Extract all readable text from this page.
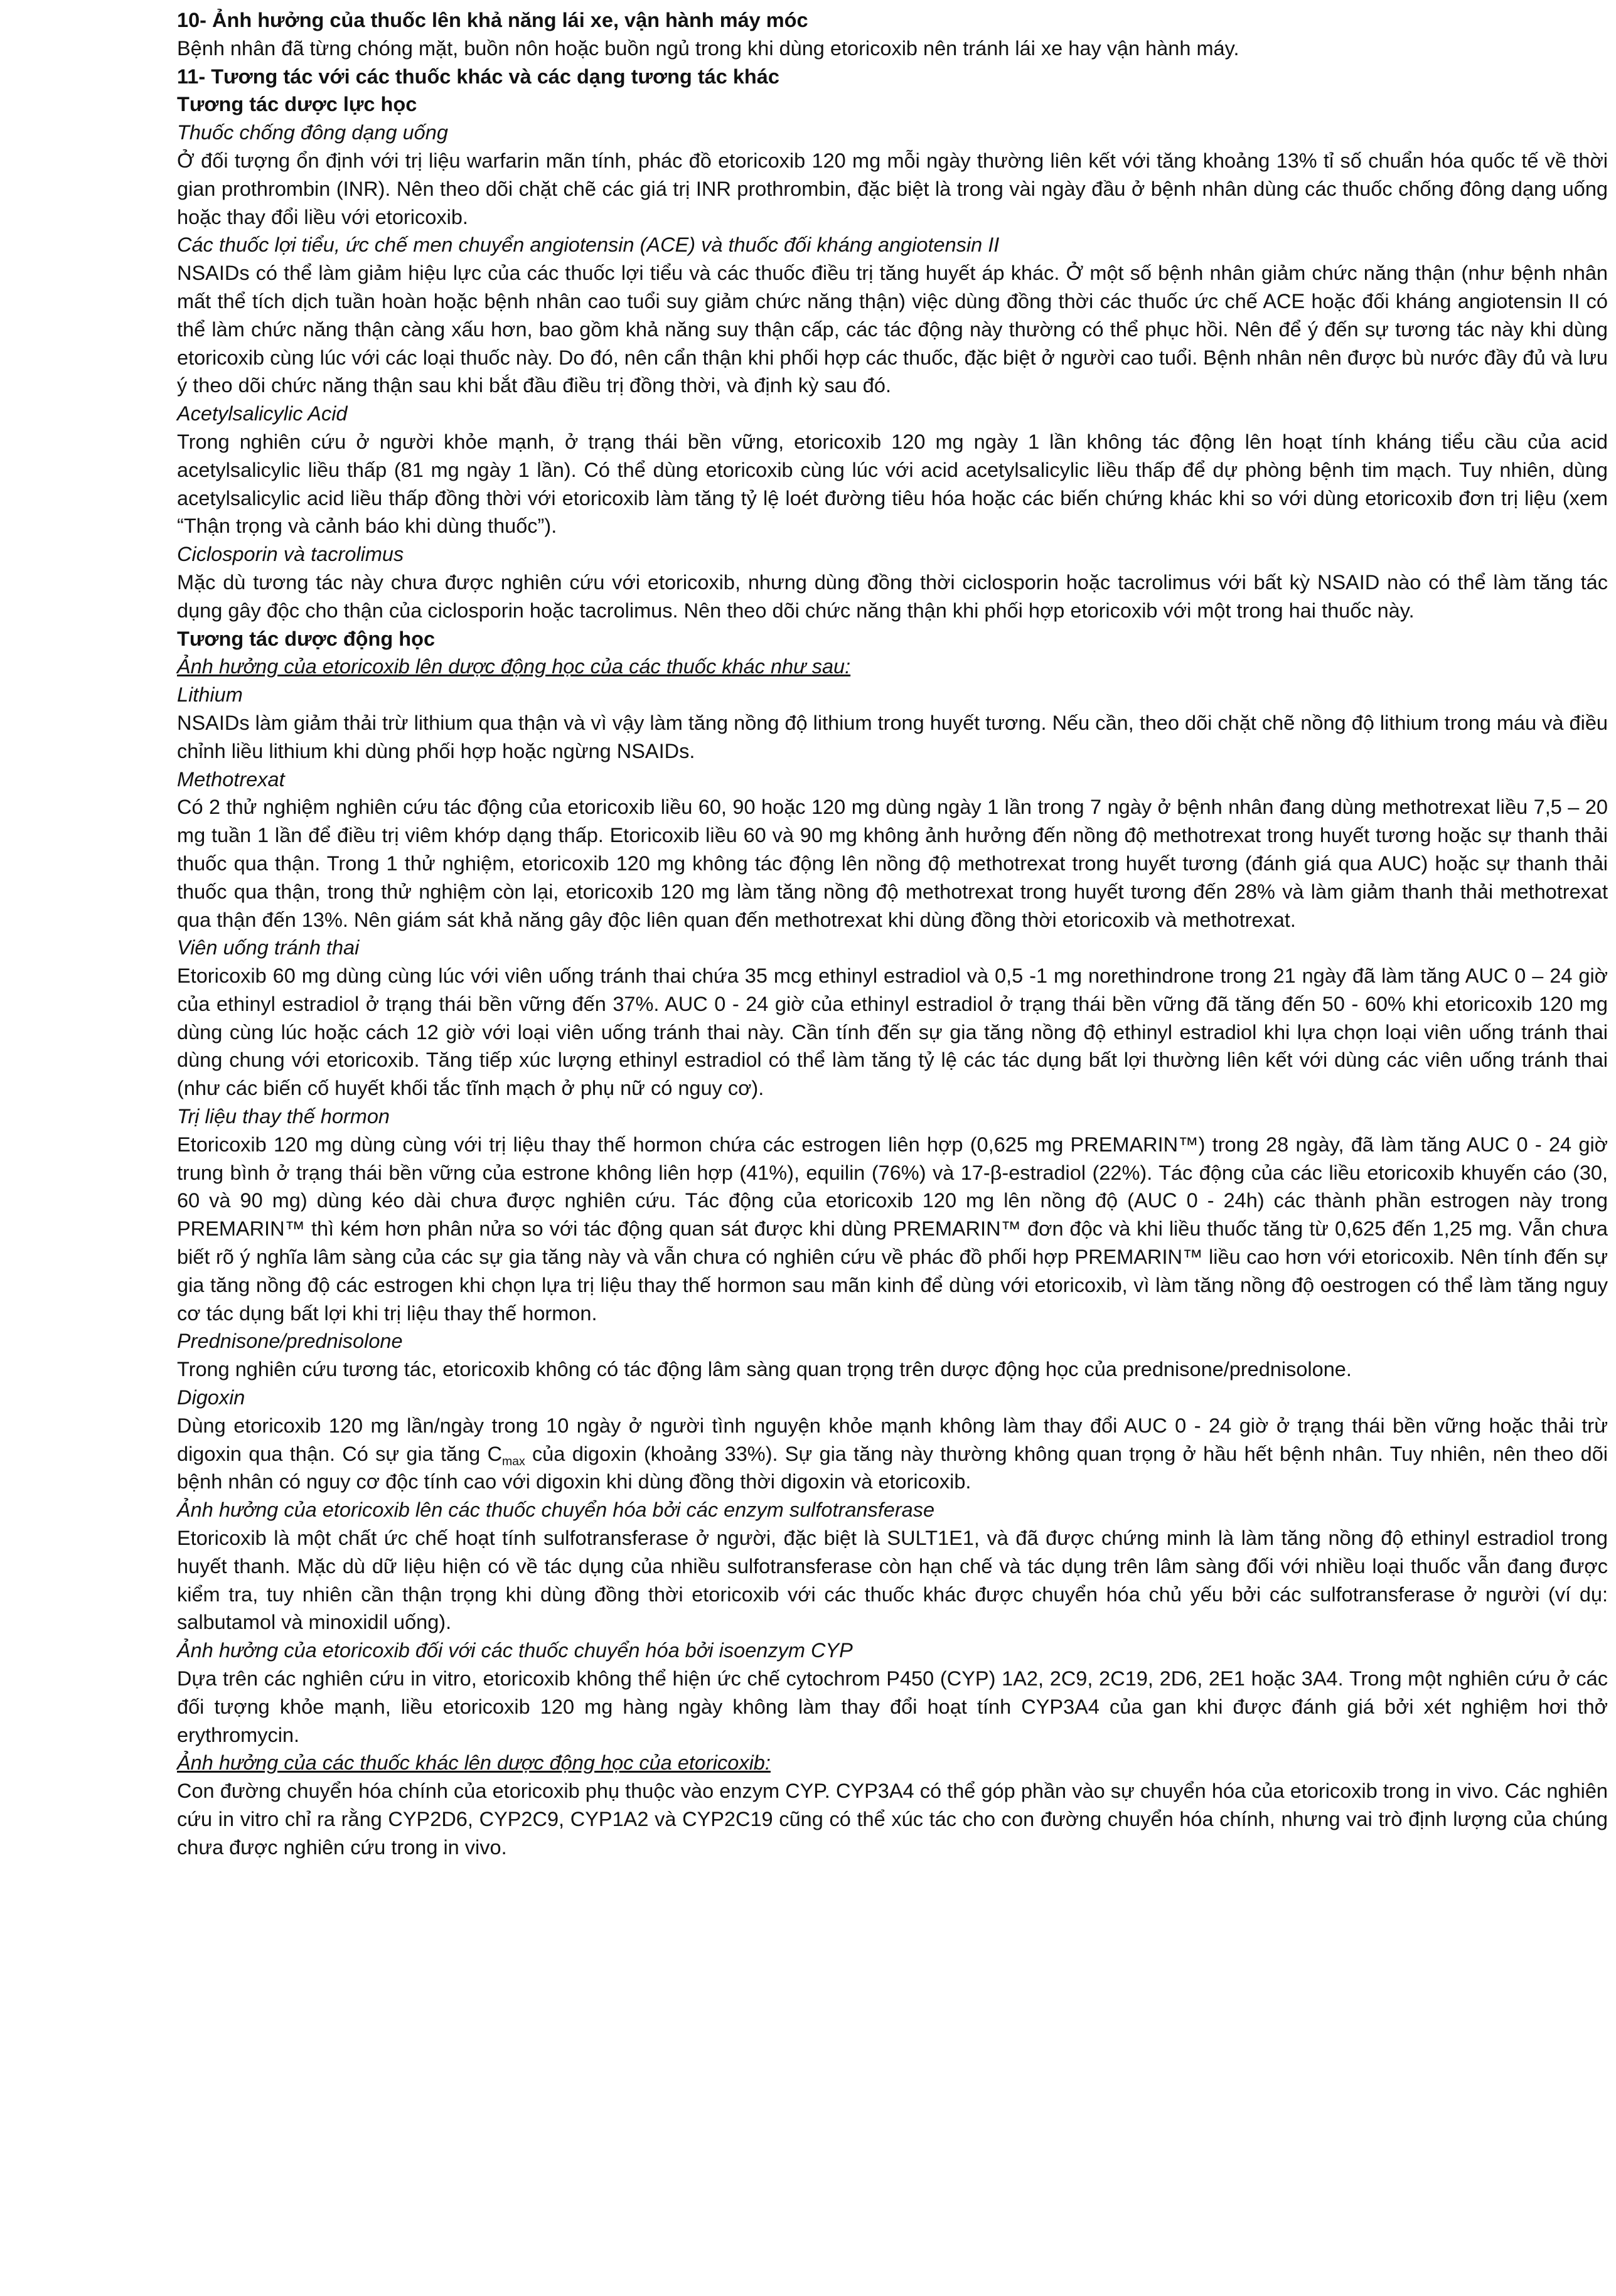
10- Ảnh hưởng của thuốc lên khả năng lái xe, vận hành máy móc

Bệnh nhân đã từng chóng mặt, buồn nôn hoặc buồn ngủ trong khi dùng etoricoxib nên tránh lái xe hay vận hành máy.

11- Tương tác với các thuốc khác và các dạng tương tác khác

Tương tác dược lực học

Thuốc chống đông dạng uống

Ở đối tượng ổn định với trị liệu warfarin mãn tính, phác đồ etoricoxib 120 mg mỗi ngày thường liên kết với tăng khoảng 13% tỉ số chuẩn hóa quốc tế về thời gian prothrombin (INR). Nên theo dõi chặt chẽ các giá trị INR prothrombin, đặc biệt là trong vài ngày đầu ở bệnh nhân dùng các thuốc chống đông dạng uống hoặc thay đổi liều với etoricoxib.

Các thuốc lợi tiểu, ức chế men chuyển angiotensin (ACE) và thuốc đối kháng angiotensin II

NSAIDs có thể làm giảm hiệu lực của các thuốc lợi tiểu và các thuốc điều trị tăng huyết áp khác. Ở một số bệnh nhân giảm chức năng thận (như bệnh nhân mất thể tích dịch tuần hoàn hoặc bệnh nhân cao tuổi suy giảm chức năng thận) việc dùng đồng thời các thuốc ức chế ACE hoặc đối kháng angiotensin II có thể làm chức năng thận càng xấu hơn, bao gồm khả năng suy thận cấp, các tác động này thường có thể phục hồi. Nên để ý đến sự tương tác này khi dùng etoricoxib cùng lúc với các loại thuốc này. Do đó, nên cẩn thận khi phối hợp các thuốc, đặc biệt ở người cao tuổi. Bệnh nhân nên được bù nước đầy đủ và lưu ý theo dõi chức năng thận sau khi bắt đầu điều trị đồng thời, và định kỳ sau đó.

Acetylsalicylic Acid

Trong nghiên cứu ở người khỏe mạnh, ở trạng thái bền vững, etoricoxib 120 mg ngày 1 lần không tác động lên hoạt tính kháng tiểu cầu của acid acetylsalicylic liều thấp (81 mg ngày 1 lần). Có thể dùng etoricoxib cùng lúc với acid acetylsalicylic liều thấp để dự phòng bệnh tim mạch. Tuy nhiên, dùng acetylsalicylic acid liều thấp đồng thời với etoricoxib làm tăng tỷ lệ loét đường tiêu hóa hoặc các biến chứng khác khi so với dùng etoricoxib đơn trị liệu (xem “Thận trọng và cảnh báo khi dùng thuốc”).

Ciclosporin và tacrolimus

Mặc dù tương tác này chưa được nghiên cứu với etoricoxib, nhưng dùng đồng thời ciclosporin hoặc tacrolimus với bất kỳ NSAID nào có thể làm tăng tác dụng gây độc cho thận của ciclosporin hoặc tacrolimus. Nên theo dõi chức năng thận khi phối hợp etoricoxib với một trong hai thuốc này.

Tương tác dược động học

Ảnh hưởng của etoricoxib lên dược động học của các thuốc khác như sau:

Lithium

NSAIDs làm giảm thải trừ lithium qua thận và vì vậy làm tăng nồng độ lithium trong huyết tương. Nếu cần, theo dõi chặt chẽ nồng độ lithium trong máu và điều chỉnh liều lithium khi dùng phối hợp hoặc ngừng NSAIDs.

Methotrexat

Có 2 thử nghiệm nghiên cứu tác động của etoricoxib liều 60, 90 hoặc 120 mg dùng ngày 1 lần trong 7 ngày ở bệnh nhân đang dùng methotrexat liều 7,5 – 20 mg tuần 1 lần để điều trị viêm khớp dạng thấp. Etoricoxib liều 60 và 90 mg không ảnh hưởng đến nồng độ methotrexat trong huyết tương hoặc sự thanh thải thuốc qua thận. Trong 1 thử nghiệm, etoricoxib 120 mg không tác động lên nồng độ methotrexat trong huyết tương (đánh giá qua AUC) hoặc sự thanh thải thuốc qua thận, trong thử nghiệm còn lại, etoricoxib 120 mg làm tăng nồng độ methotrexat trong huyết tương đến 28% và làm giảm thanh thải methotrexat qua thận đến 13%. Nên giám sát khả năng gây độc liên quan đến methotrexat khi dùng đồng thời etoricoxib và methotrexat.

Viên uống tránh thai

Etoricoxib 60 mg dùng cùng lúc với viên uống tránh thai chứa 35 mcg ethinyl estradiol và 0,5 -1 mg norethindrone trong 21 ngày đã làm tăng AUC 0 – 24 giờ của ethinyl estradiol ở trạng thái bền vững đến 37%. AUC 0 - 24 giờ của ethinyl estradiol ở trạng thái bền vững đã tăng đến 50 - 60% khi etoricoxib 120 mg dùng cùng lúc hoặc cách 12 giờ với loại viên uống tránh thai này. Cần tính đến sự gia tăng nồng độ ethinyl estradiol khi lựa chọn loại viên uống tránh thai dùng chung với etoricoxib. Tăng tiếp xúc lượng ethinyl estradiol có thể làm tăng tỷ lệ các tác dụng bất lợi thường liên kết với dùng các viên uống tránh thai (như các biến cố huyết khối tắc tĩnh mạch ở phụ nữ có nguy cơ).

Trị liệu thay thế hormon

Etoricoxib 120 mg dùng cùng với trị liệu thay thế hormon chứa các estrogen liên hợp (0,625 mg PREMARIN™) trong 28 ngày, đã làm tăng AUC 0 - 24 giờ trung bình ở trạng thái bền vững của estrone không liên hợp (41%), equilin (76%) và 17-β-estradiol (22%). Tác động của các liều etoricoxib khuyến cáo (30, 60 và 90 mg) dùng kéo dài chưa được nghiên cứu. Tác động của etoricoxib 120 mg lên nồng độ (AUC 0 - 24h) các thành phần estrogen này trong PREMARIN™ thì kém hơn phân nửa so với tác động quan sát được khi dùng PREMARIN™ đơn độc và khi liều thuốc tăng từ 0,625 đến 1,25 mg. Vẫn chưa biết rõ ý nghĩa lâm sàng của các sự gia tăng này và vẫn chưa có nghiên cứu về phác đồ phối hợp PREMARIN™ liều cao hơn với etoricoxib. Nên tính đến sự gia tăng nồng độ các estrogen khi chọn lựa trị liệu thay thế hormon sau mãn kinh để dùng với etoricoxib, vì làm tăng nồng độ oestrogen có thể làm tăng nguy cơ tác dụng bất lợi khi trị liệu thay thế hormon.

Prednisone/prednisolone

Trong nghiên cứu tương tác, etoricoxib không có tác động lâm sàng quan trọng trên dược động học của prednisone/prednisolone.

Digoxin

Dùng etoricoxib 120 mg lần/ngày trong 10 ngày ở người tình nguyện khỏe mạnh không làm thay đổi AUC 0 - 24 giờ ở trạng thái bền vững hoặc thải trừ digoxin qua thận. Có sự gia tăng $C_{max}$ của digoxin (khoảng 33%). Sự gia tăng này thường không quan trọng ở hầu hết bệnh nhân. Tuy nhiên, nên theo dõi bệnh nhân có nguy cơ độc tính cao với digoxin khi dùng đồng thời digoxin và etoricoxib.

Ảnh hưởng của etoricoxib lên các thuốc chuyển hóa bởi các enzym sulfotransferase

Etoricoxib là một chất ức chế hoạt tính sulfotransferase ở người, đặc biệt là SULT1E1, và đã được chứng minh là làm tăng nồng độ ethinyl estradiol trong huyết thanh. Mặc dù dữ liệu hiện có về tác dụng của nhiều sulfotransferase còn hạn chế và tác dụng trên lâm sàng đối với nhiều loại thuốc vẫn đang được kiểm tra, tuy nhiên cần thận trọng khi dùng đồng thời etoricoxib với các thuốc khác được chuyển hóa chủ yếu bởi các sulfotransferase ở người (ví dụ: salbutamol và minoxidil uống).

Ảnh hưởng của etoricoxib đối với các thuốc chuyển hóa bởi isoenzym CYP

Dựa trên các nghiên cứu in vitro, etoricoxib không thể hiện ức chế cytochrom P450 (CYP) 1A2, 2C9, 2C19, 2D6, 2E1 hoặc 3A4. Trong một nghiên cứu ở các đối tượng khỏe mạnh, liều etoricoxib 120 mg hàng ngày không làm thay đổi hoạt tính CYP3A4 của gan khi được đánh giá bởi xét nghiệm hơi thở erythromycin.

Ảnh hưởng của các thuốc khác lên dược động học của etoricoxib:

Con đường chuyển hóa chính của etoricoxib phụ thuộc vào enzym CYP. CYP3A4 có thể góp phần vào sự chuyển hóa của etoricoxib trong in vivo. Các nghiên cứu in vitro chỉ ra rằng CYP2D6, CYP2C9, CYP1A2 và CYP2C19 cũng có thể xúc tác cho con đường chuyển hóa chính, nhưng vai trò định lượng của chúng chưa được nghiên cứu trong in vivo.
